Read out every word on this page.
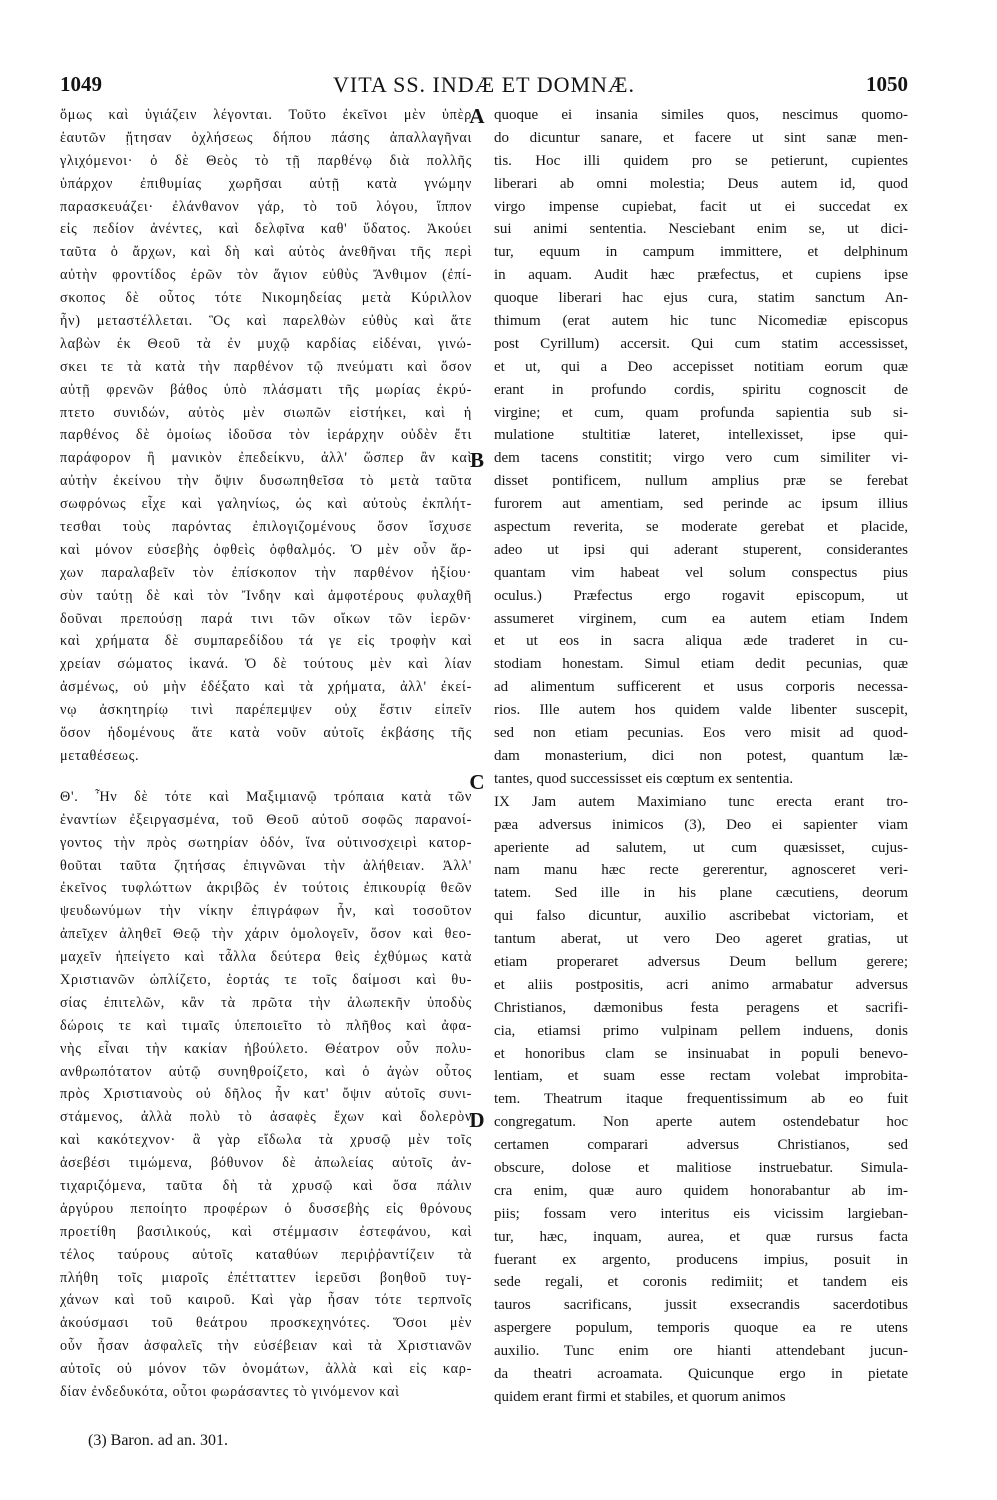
1049	VITA SS. INDÆ ET DOMNÆ.	1050
ὅμως καὶ ὑγιάζειν λέγονται. Τοῦτο ἐκεῖνοι μὲν ὑπὲρ
ἑαυτῶν ᾔτησαν ὀχλήσεως δήπου πάσης ἀπαλλαγῆναι
γλιχόμενοι· ὁ δὲ Θεὸς τὸ τῇ παρθένῳ διὰ πολλῆς
ὑπάρχον ἐπιθυμίας χωρῆσαι αὐτῇ κατὰ γνώμην
παρασκευάζει· ἐλάνθανον γάρ, τὸ τοῦ λόγου, ἵππον
εἰς πεδίον ἀνέντες, καὶ δελφῖνα καθ' ὕδατος. Ἀκούει
ταῦτα ὁ ἄρχων, καὶ δὴ καὶ αὐτὸς ἀνεθῆναι τῆς περὶ
αὐτὴν φροντίδος ἐρῶν τὸν ἅγιον εὐθὺς Ἄνθιμον (ἐπί-
σκοπος δὲ οὗτος τότε Νικομηδείας μετὰ Κύριλλον
ἦν) μεταστέλλεται. Ὃς καὶ παρελθὼν εὐθὺς καὶ ἅτε
λαβὼν ἐκ Θεοῦ τὰ ἐν μυχῷ καρδίας εἰδέναι, γινώ-
σκει τε τὰ κατὰ τὴν παρθένον τῷ πνεύματι καὶ ὅσον
αὐτῇ φρενῶν βάθος ὑπὸ πλάσματι τῆς μωρίας ἐκρύ-
πτετο συνιδών, αὐτὸς μὲν σιωπῶν εἱστήκει, καὶ ἡ
παρθένος δὲ ὁμοίως ἰδοῦσα τὸν ἱεράρχην οὐδὲν ἔτι
παράφορον ἢ μανικὸν ἐπεδείκνυ, ἀλλ' ὥσπερ ἂν καὶ
αὐτὴν ἐκείνου τὴν ὄψιν δυσωπηθεῖσα τὸ μετὰ ταῦτα
σωφρόνως εἶχε καὶ γαληνίως, ὡς καὶ αὐτοὺς ἐκπλήτ-
τεσθαι τοὺς παρόντας ἐπιλογιζομένους ὅσον ἴσχυσε
καὶ μόνον εὐσεβὴς ὀφθεὶς ὀφθαλμός. Ὁ μὲν οὖν ἄρ-
χων παραλαβεῖν τὸν ἐπίσκοπον τὴν παρθένον ἠξίου·
σὺν ταύτῃ δὲ καὶ τὸν Ἴνδην καὶ ἀμφοτέρους φυλαχθῆ
δοῦναι πρεπούσῃ παρά τινι τῶν οἴκων τῶν ἱερῶν·
καὶ χρήματα δὲ συμπαρεδίδου τά γε εἰς τροφὴν καὶ
χρείαν σώματος ἱκανά. Ὁ δὲ τούτους μὲν καὶ λίαν
ἀσμένως, οὐ μὴν ἐδέξατο καὶ τὰ χρήματα, ἀλλ' ἐκεί-
νῳ ἀσκητηρίῳ τινὶ παρέπεμψεν οὐχ ἔστιν εἰπεῖν
ὅσον ἡδομένους ἅτε κατὰ νοῦν αὐτοῖς ἐκβάσης τῆς
μεταθέσεως.
Θ'. Ἦν δὲ τότε καὶ Μαξιμιανῷ τρόπαια κατὰ τῶν
ἐναντίων ἐξειργασμένα, τοῦ Θεοῦ αὐτοῦ σοφῶς παρανοί-
γοντος τὴν πρὸς σωτηρίαν ὁδόν, ἵνα οὑτινοσχειρὶ κατορ-
θοῦται ταῦτα ζητήσας ἐπιγνῶναι τὴν ἀλήθειαν. Ἀλλ'
ἐκεῖνος τυφλώττων ἀκριβῶς ἐν τούτοις ἐπικουρίᾳ θεῶν
ψευδωνύμων τὴν νίκην ἐπιγράφων ἦν, καὶ τοσοῦτον
ἀπεῖχεν ἀληθεῖ Θεῷ τὴν χάριν ὁμολογεῖν, ὅσον καὶ θεο-
μαχεῖν ἡπείγετο καὶ τἆλλα δεύτερα θεὶς ἐχθύμως κατὰ
Χριστιανῶν ὡπλίζετο, ἑορτάς τε τοῖς δαίμοσι καὶ θυ-
σίας ἐπιτελῶν, κἂν τὰ πρῶτα τὴν ἀλωπεκῆν ὑποδὺς
δώροις τε καὶ τιμαῖς ὑπεποιεῖτο τὸ πλῆθος καὶ ἀφα-
νὴς εἶναι τὴν κακίαν ἠβούλετο. Θέατρον οὖν πολυ-
ανθρωπότατον αὐτῷ συνηθροίζετο, καὶ ὁ ἀγὼν οὗτος
πρὸς Χριστιανοὺς οὐ δῆλος ἦν κατ' ὄψιν αὐτοῖς συνι-
στάμενος, ἀλλὰ πολὺ τὸ ἀσαφὲς ἔχων καὶ δολερὸν
καὶ κακότεχνον· ἃ γὰρ εἴδωλα τὰ χρυσῷ μὲν τοῖς
ἀσεβέσι τιμώμενα, βόθυνον δὲ ἀπωλείας αὐτοῖς ἀν-
τιχαριζόμενα, ταῦτα δὴ τὰ χρυσῷ καὶ ὅσα πάλιν
ἀργύρου πεποίητο προφέρων ὁ δυσσεβὴς εἰς θρόνους
προετίθη βασιλικούς, καὶ στέμμασιν ἐστεφάνου, καὶ
τέλος ταύρους αὐτοῖς καταθύων περιῤῥαντίζειν τὰ
πλήθη τοῖς μιαροῖς ἐπέτταττεν ἱερεῦσι βοηθοῦ τυγ-
χάνων καὶ τοῦ καιροῦ. Καὶ γὰρ ἦσαν τότε τερπνοῖς
ἀκούσμασι τοῦ θεάτρου προσκεχηνότες. Ὅσοι μὲν
οὖν ἦσαν ἀσφαλεῖς τὴν εὐσέβειαν καὶ τὰ Χριστιανῶν
αὐτοῖς οὐ μόνον τῶν ὀνομάτων, ἀλλὰ καὶ εἰς καρ-
δίαν ἐνδεδυκότα, οὗτοι φωράσαντες τὸ γινόμενον καὶ
quoque ei insania similes quos, nescimus quomo-
do dicuntur sanare, et facere ut sint sanæ men-
tis. Hoc illi quidem pro se petierunt, cupientes
liberari ab omni molestia; Deus autem id, quod
virgo impense cupiebat, facit ut ei succedat ex
sui animi sententia. Nesciebant enim se, ut dici-
tur, equum in campum immittere, et delphinum
in aquam. Audit hæc præfectus, et cupiens ipse
quoque liberari hac ejus cura, statim sanctum An-
thimum (erat autem hic tunc Nicomediæ episcopus
post Cyrillum) accersit. Qui cum statim accessisset,
et ut, qui a Deo accepisset notitiam eorum quæ
erant in profundo cordis, spiritu cognoscit de
virgine; et cum, quam profunda sapientia sub si-
mulatione stultitiæ lateret, intellexisset, ipse qui-
dem tacens constitit; virgo vero cum similiter vi-
disset pontificem, nullum amplius præ se ferebat
furorem aut amentiam, sed perinde ac ipsum illius
aspectum reverita, se moderate gerebat et placide,
adeo ut ipsi qui aderant stuperent, considerantes
quantam vim habeat vel solum conspectus pius
oculus.) Præfectus ergo rogavit episcopum, ut
assumeret virginem, cum ea autem etiam Indem
et ut eos in sacra aliqua æde traderet in cu-
stodiam honestam. Simul etiam dedit pecunias, quæ
ad alimentum sufficerent et usus corporis necessa-
rios. Ille autem hos quidem valde libenter suscepit,
sed non etiam pecunias. Eos vero misit ad quod-
dam monasterium, dici non potest, quantum læ-
tantes, quod successisset eis cœptum ex sententia.
IX Jam autem Maximiano tunc erecta erant tro-
pæa adversus inimicos (3), Deo ei sapienter viam
aperiente ad salutem, ut cum quæsisset, cujus-
nam manu hæc recte gererentur, agnosceret veri-
tatem. Sed ille in his plane cæcutiens, deorum
qui falso dicuntur, auxilio ascribebat victoriam, et
tantum aberat, ut vero Deo ageret gratias, ut
etiam properaret adversus Deum bellum gerere;
et aliis postpositis, acri animo armabatur adversus
Christianos, dæmonibus festa peragens et sacrifi-
cia, etiamsi primo vulpinam pellem induens, donis
et honoribus clam se insinuabat in populi benevo-
lentiam, et suam esse rectam volebat improbita-
tem. Theatrum itaque frequentissimum ab eo fuit
congregatum. Non aperte autem ostendebatur hoc
certamen comparari adversus Christianos, sed
obscure, dolose et malitiose instruebatur. Simula-
cra enim, quæ auro quidem honorabantur ab im-
piis; fossam vero interitus eis vicissim largieban-
tur, hæc, inquam, aurea, et quæ rursus facta
fuerant ex argento, producens impius, posuit in
sede regali, et coronis redimiit; et tandem eis
tauros sacrificans, jussit exsecrandis sacerdotibus
aspergere populum, temporis quoque ea re utens
auxilio. Tunc enim ore hianti attendebant jucun-
da theatri acroamata. Quicunque ergo in pietate
quidem erant firmi et stabiles, et quorum animos
A
B
C
D
(3) Baron. ad an. 301.
